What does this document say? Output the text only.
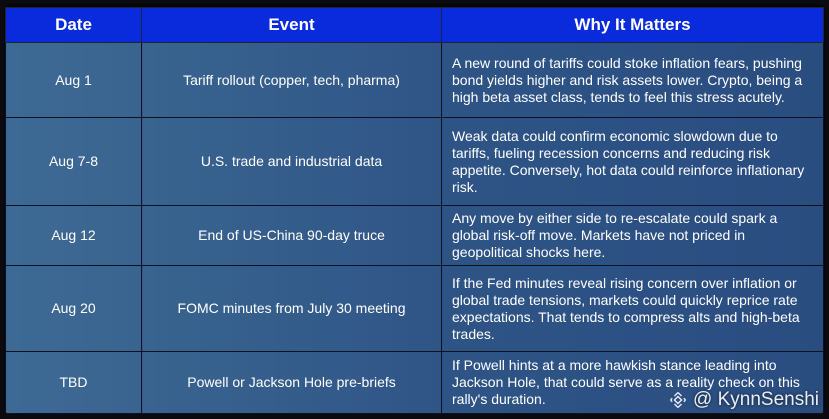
Date	Event	Why It Matters
Aug 1	Tariff rollout (copper, tech, pharma)	A new round of tariffs could stoke inflation fears, pushing bond yields higher and risk assets lower. Crypto, being a high beta asset class, tends to feel this stress acutely.
Aug 7-8	U.S. trade and industrial data	Weak data could confirm economic slowdown due to tariffs, fueling recession concerns and reducing risk appetite. Conversely, hot data could reinforce inflationary risk.
Aug 12	End of US-China 90-day truce	Any move by either side to re-escalate could spark a global risk-off move. Markets have not priced in geopolitical shocks here.
Aug 20	FOMC minutes from July 30 meeting	If the Fed minutes reveal rising concern over inflation or global trade tensions, markets could quickly reprice rate expectations. That tends to compress alts and high-beta trades.
TBD	Powell or Jackson Hole pre-briefs	If Powell hints at a more hawkish stance leading into Jackson Hole, that could serve as a reality check on this rally's duration.	@ KynnSenshi
